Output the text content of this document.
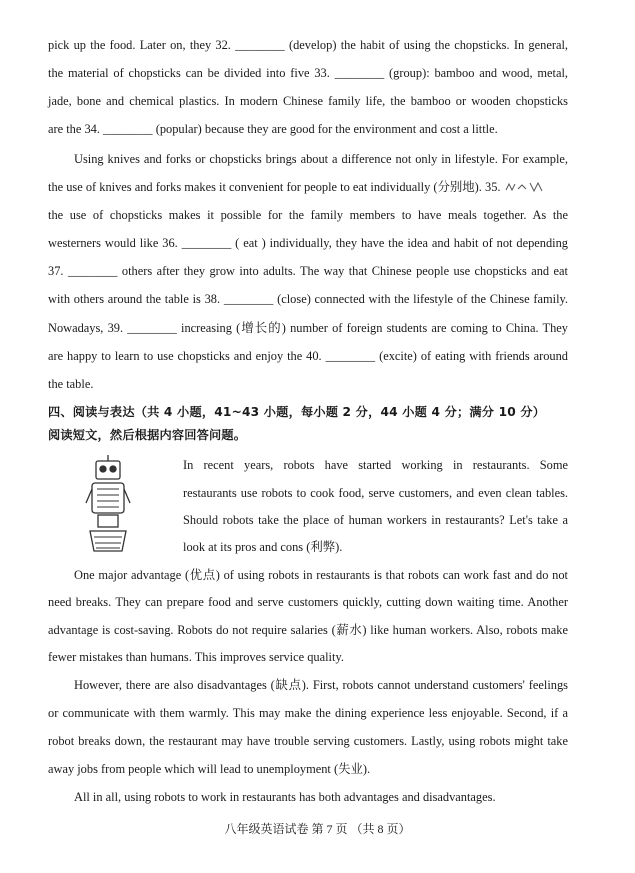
pick up the food. Later on, they 32. ________ (develop) the habit of using the chopsticks. In general,
the material of chopsticks can be divided into five 33. ________ (group): bamboo and wood, metal,
jade, bone and chemical plastics. In modern Chinese family life, the bamboo or wooden chopsticks
are the 34. ________ (popular) because they are good for the environment and cost a little.
Using knives and forks or chopsticks brings about a difference not only in lifestyle. For example,
the use of knives and forks makes it convenient for people to eat individually (分别地). 35.
the use of chopsticks makes it possible for the family members to have meals together. As the
westerners would like 36. ________ ( eat ) individually, they have the idea and habit of not depending
37. ________ others after they grow into adults. The way that Chinese people use chopsticks and eat
with others around the table is 38. ________ (close) connected with the lifestyle of the Chinese family.
Nowadays, 39. ________ increasing (增长的) number of foreign students are coming to China. They
are happy to learn to use chopsticks and enjoy the 40. ________ (excite) of eating with friends around
the table.
四、阅读与表达（共 4 小题，41~43 小题，每小题 2 分，44 小题 4 分；满分 10 分）
阅读短文，然后根据内容回答问题。
In recent years, robots have started working in restaurants. Some
restaurants use robots to cook food, serve customers, and even clean tables.
Should robots take the place of human workers in restaurants? Let's take a
look at its pros and cons (利弊).
One major advantage (优点) of using robots in restaurants is that robots can work fast and do not
need breaks. They can prepare food and serve customers quickly, cutting down waiting time. Another
advantage is cost-saving. Robots do not require salaries (薪水) like human workers. Also, robots make
fewer mistakes than humans. This improves service quality.
However, there are also disadvantages (缺点). First, robots cannot understand customers' feelings
or communicate with them warmly. This may make the dining experience less enjoyable. Second, if a
robot breaks down, the restaurant may have trouble serving customers. Lastly, using robots might take
away jobs from people which will lead to unemployment (失业).
All in all, using robots to work in restaurants has both advantages and disadvantages.
八年级英语试卷 第 7 页 （共 8 页）
